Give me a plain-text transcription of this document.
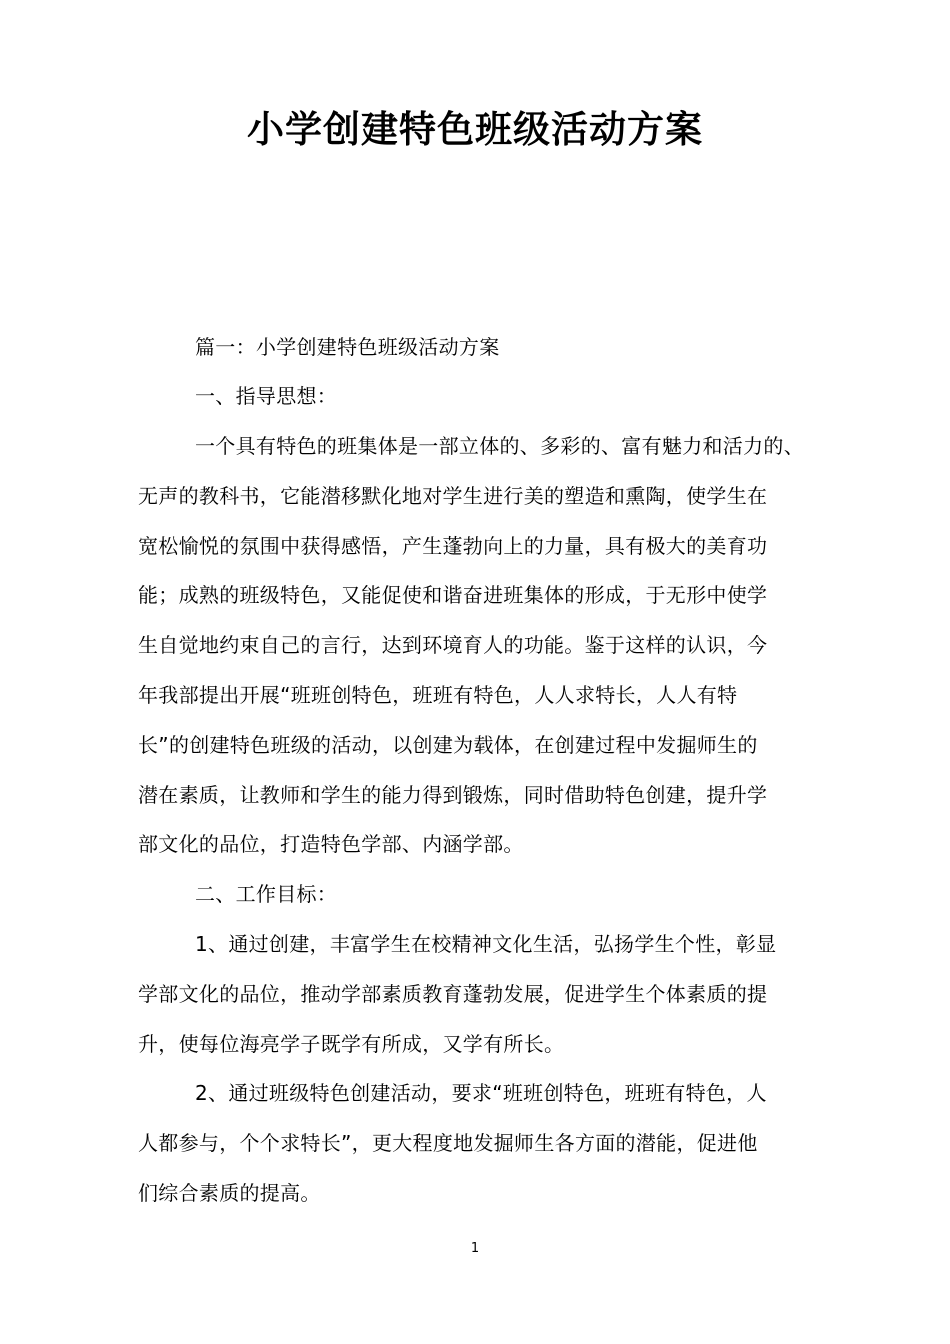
小学创建特色班级活动方案
篇一：小学创建特色班级活动方案
一、指导思想：
一个具有特色的班集体是一部立体的、多彩的、富有魅力和活力的、
无声的教科书，它能潜移默化地对学生进行美的塑造和熏陶，使学生在
宽松愉悦的氛围中获得感悟，产生蓬勃向上的力量，具有极大的美育功
能；成熟的班级特色，又能促使和谐奋进班集体的形成，于无形中使学
生自觉地约束自己的言行，达到环境育人的功能。鉴于这样的认识，今
年我部提出开展“班班创特色，班班有特色，人人求特长，人人有特
长”的创建特色班级的活动，以创建为载体，在创建过程中发掘师生的
潜在素质，让教师和学生的能力得到锻炼，同时借助特色创建，提升学
部文化的品位，打造特色学部、内涵学部。
二、工作目标：
1、通过创建，丰富学生在校精神文化生活，弘扬学生个性，彰显
学部文化的品位，推动学部素质教育蓬勃发展，促进学生个体素质的提
升，使每位海亮学子既学有所成，又学有所长。
2、通过班级特色创建活动，要求“班班创特色，班班有特色，人
人都参与，个个求特长”，更大程度地发掘师生各方面的潜能，促进他
们综合素质的提高。
1
